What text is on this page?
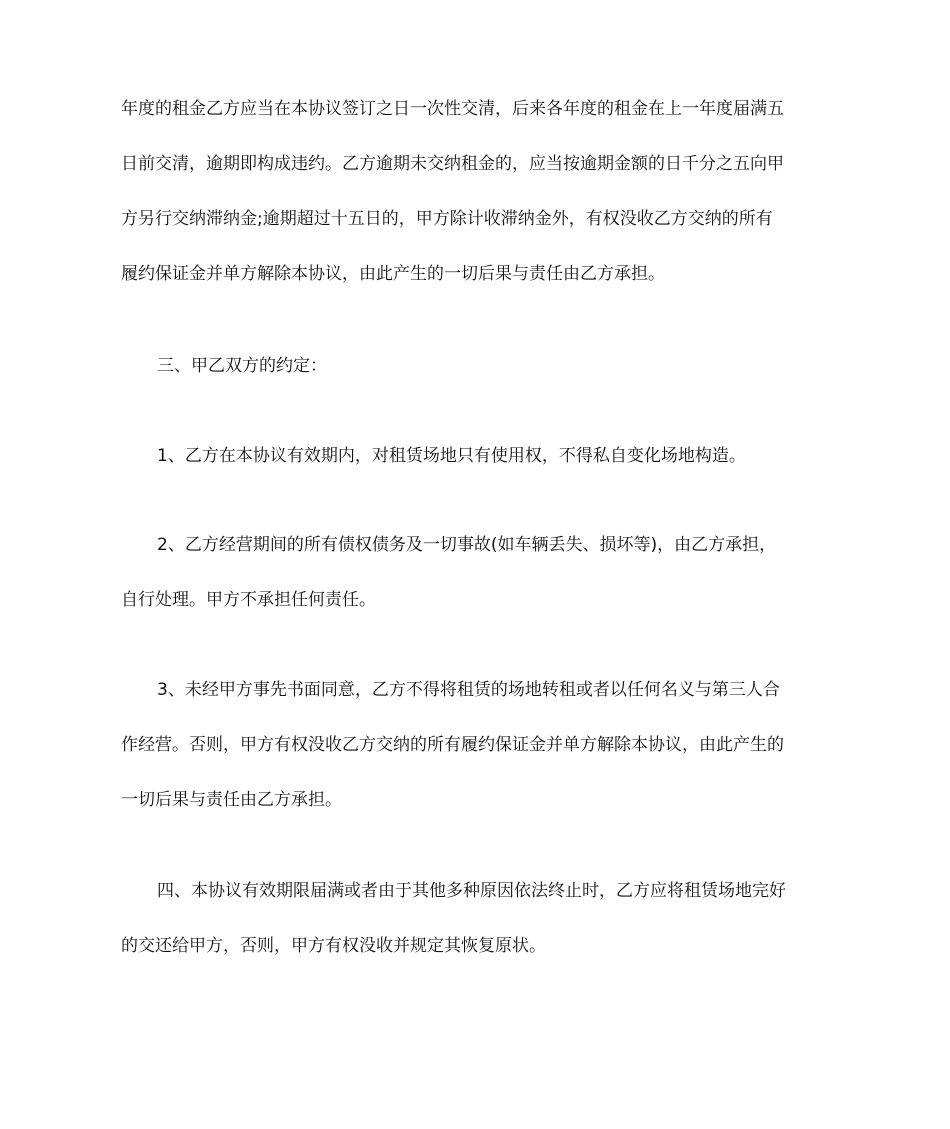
年度的租金乙方应当在本协议签订之日一次性交清，后来各年度的租金在上一年度届满五
日前交清，逾期即构成违约。乙方逾期未交纳租金的，应当按逾期金额的日千分之五向甲
方另行交纳滞纳金;逾期超过十五日的，甲方除计收滞纳金外，有权没收乙方交纳的所有
履约保证金并单方解除本协议，由此产生的一切后果与责任由乙方承担。
三、甲乙双方的约定：
1、乙方在本协议有效期内，对租赁场地只有使用权，不得私自变化场地构造。
2、乙方经营期间的所有债权债务及一切事故(如车辆丢失、损坏等)，由乙方承担，
自行处理。甲方不承担任何责任。
3、未经甲方事先书面同意，乙方不得将租赁的场地转租或者以任何名义与第三人合
作经营。否则，甲方有权没收乙方交纳的所有履约保证金并单方解除本协议，由此产生的
一切后果与责任由乙方承担。
四、本协议有效期限届满或者由于其他多种原因依法终止时，乙方应将租赁场地完好
的交还给甲方，否则，甲方有权没收并规定其恢复原状。
